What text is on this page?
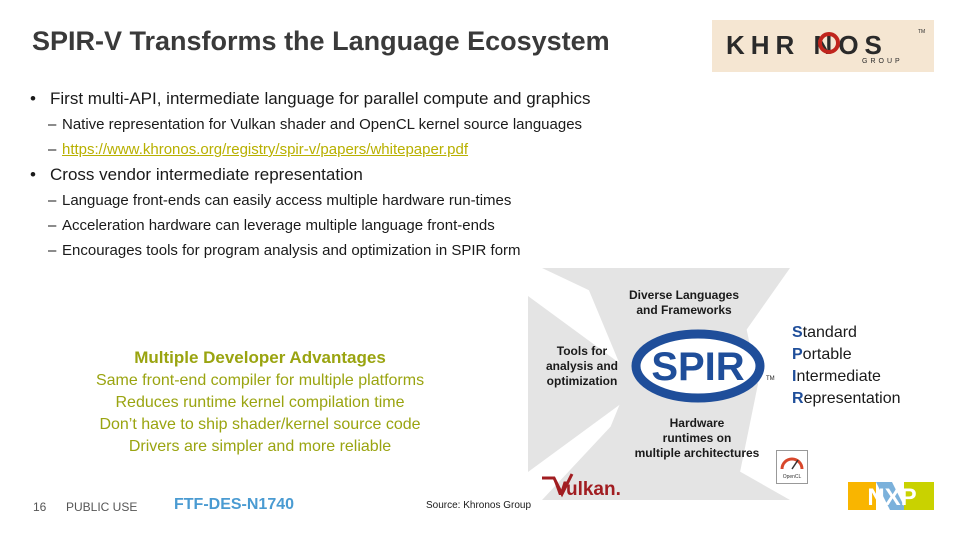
SPIR-V Transforms the Language Ecosystem	KHR NOS
GROUP
TM
• First multi-API, intermediate language for parallel compute and graphics
– Native representation for Vulkan shader and OpenCL kernel source languages
– https://www.khronos.org/registry/spir-v/papers/whitepaper.pdf
• Cross vendor intermediate representation
– Language front-ends can easily access multiple hardware run-times
– Acceleration hardware can leverage multiple language front-ends
– Encourages tools for program analysis and optimization in SPIR form
Multiple Developer Advantages
Same front-end compiler for multiple platforms
Reduces runtime kernel compilation time
Don’t have to ship shader/kernel source code
Drivers are simpler and more reliable
SPIR	TM
Diverse Languages
and Frameworks
Tools for
analysis and
optimization
Hardware
runtimes on
multiple architectures
Standard
Portable
Intermediate
Representation
Vulkan.
OpenCL
NXP
16 PUBLIC USE FTF-DES-N1740	Source: Khronos Group
